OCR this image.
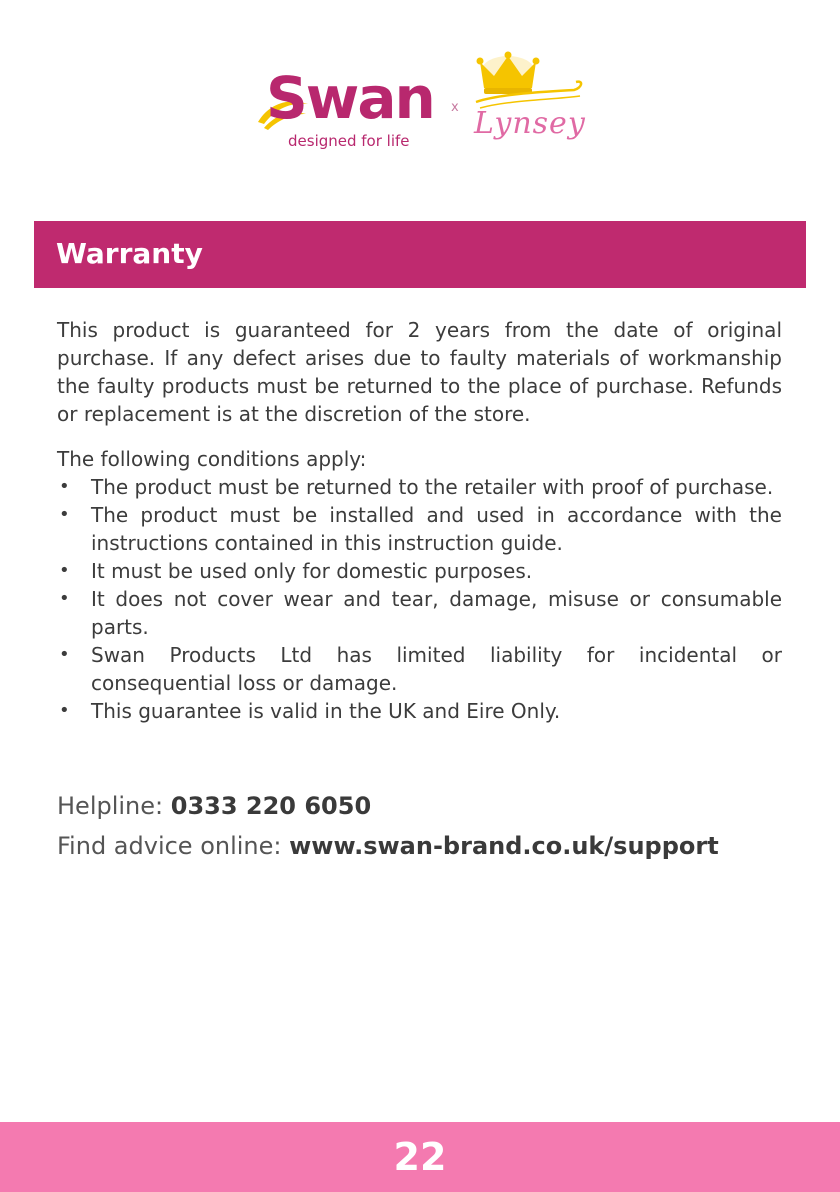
Swan
designed for life
x Lynsey
Warranty

This product is guaranteed for 2 years from the date of original purchase. If any defect arises due to faulty materials of workmanship the faulty products must be returned to the place of purchase. Refunds or replacement is at the discretion of the store.

The following conditions apply:
• The product must be returned to the retailer with proof of purchase.
• The product must be installed and used in accordance with the instructions contained in this instruction guide.
• It must be used only for domestic purposes.
• It does not cover wear and tear, damage, misuse or consumable parts.
• Swan Products Ltd has limited liability for incidental or consequential loss or damage.
• This guarantee is valid in the UK and Eire Only.
Helpline: 0333 220 6050
Find advice online: www.swan-brand.co.uk/support
22
